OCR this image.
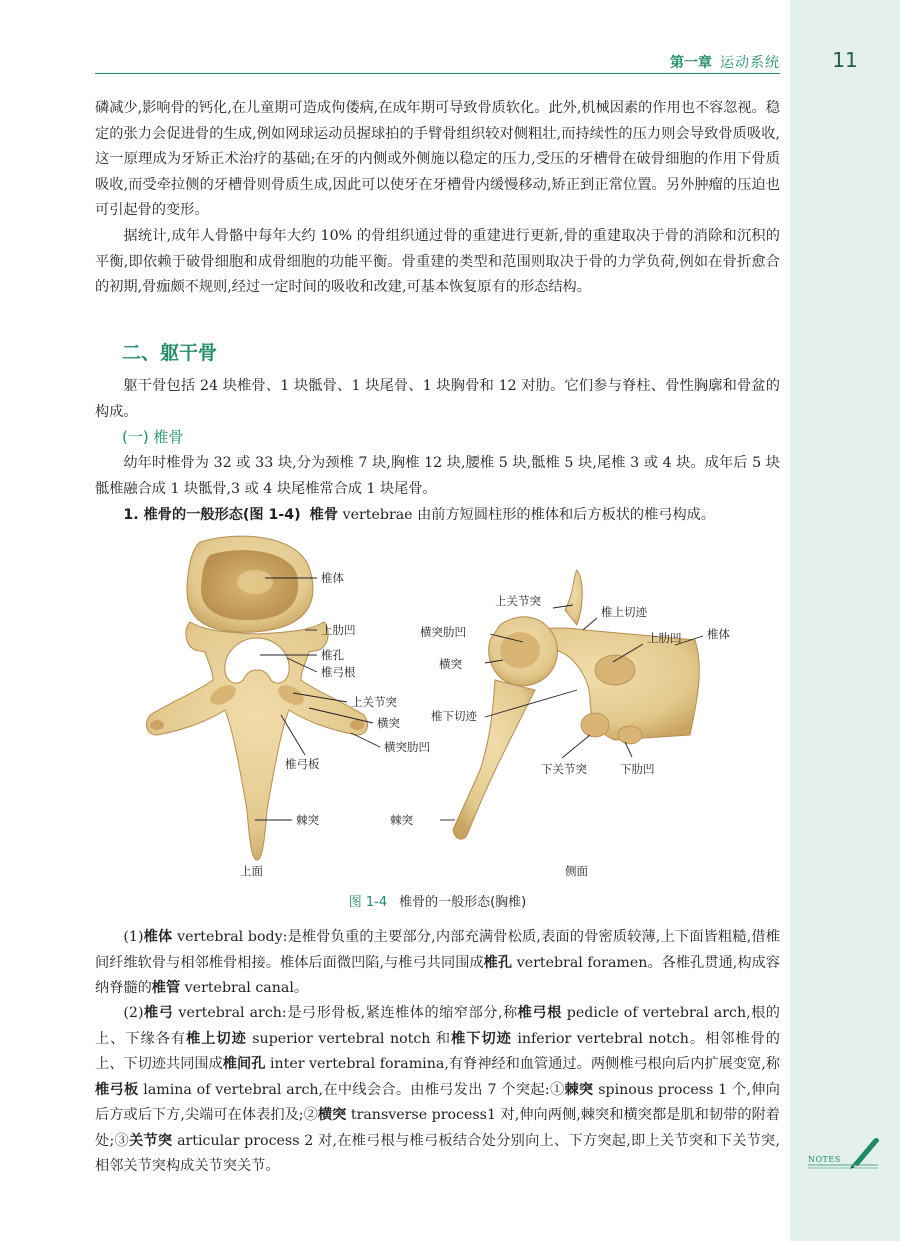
第一章 运动系统	11

磷减少,影响骨的钙化,在儿童期可造成佝偻病,在成年期可导致骨质软化。此外,机械因素的作用也不容忽视。稳定的张力会促进骨的生成,例如网球运动员握球拍的手臂骨组织较对侧粗壮,而持续性的压力则会导致骨质吸收,这一原理成为牙矫正术治疗的基础;在牙的内侧或外侧施以稳定的压力,受压的牙槽骨在破骨细胞的作用下骨质吸收,而受牵拉侧的牙槽骨则骨质生成,因此可以使牙在牙槽骨内缓慢移动,矫正到正常位置。另外肿瘤的压迫也可引起骨的变形。

据统计,成年人骨骼中每年大约 10% 的骨组织通过骨的重建进行更新,骨的重建取决于骨的消除和沉积的平衡,即依赖于破骨细胞和成骨细胞的功能平衡。骨重建的类型和范围则取决于骨的力学负荷,例如在骨折愈合的初期,骨痂颇不规则,经过一定时间的吸收和改建,可基本恢复原有的形态结构。

二、躯干骨

躯干骨包括 24 块椎骨、1 块骶骨、1 块尾骨、1 块胸骨和 12 对肋。它们参与脊柱、骨性胸廓和骨盆的构成。

(一) 椎骨

幼年时椎骨为 32 或 33 块,分为颈椎 7 块,胸椎 12 块,腰椎 5 块,骶椎 5 块,尾椎 3 或 4 块。成年后 5 块骶椎融合成 1 块骶骨,3 或 4 块尾椎常合成 1 块尾骨。

1. 椎骨的一般形态(图 1-4) 椎骨 vertebrae 由前方短圆柱形的椎体和后方板状的椎弓构成。

椎体
上肋凹
椎孔
椎弓根
上关节突
横突
横突肋凹
椎弓板
棘突
上面
上关节突
椎上切迹
横突肋凹	上肋凹 椎体
横突
椎下切迹
下关节突	下肋凹
棘突
侧面
图 1-4 椎骨的一般形态(胸椎)

(1)椎体 vertebral body:是椎骨负重的主要部分,内部充满骨松质,表面的骨密质较薄,上下面皆粗糙,借椎间纤维软骨与相邻椎骨相接。椎体后面微凹陷,与椎弓共同围成椎孔 vertebral foramen。各椎孔贯通,构成容纳脊髓的椎管 vertebral canal。

(2)椎弓 vertebral arch:是弓形骨板,紧连椎体的缩窄部分,称椎弓根 pedicle of vertebral arch,根的上、下缘各有椎上切迹 superior vertebral notch 和椎下切迹 inferior vertebral notch。相邻椎骨的上、下切迹共同围成椎间孔 inter vertebral foramina,有脊神经和血管通过。两侧椎弓根向后内扩展变宽,称椎弓板 lamina of vertebral arch,在中线会合。由椎弓发出 7 个突起:①棘突 spinous process 1 个,伸向后方或后下方,尖端可在体表扪及;②横突 transverse process1 对,伸向两侧,棘突和横突都是肌和韧带的附着处;③关节突 articular process 2 对,在椎弓根与椎弓板结合处分别向上、下方突起,即上关节突和下关节突,相邻关节突构成关节突关节。	NOTES
